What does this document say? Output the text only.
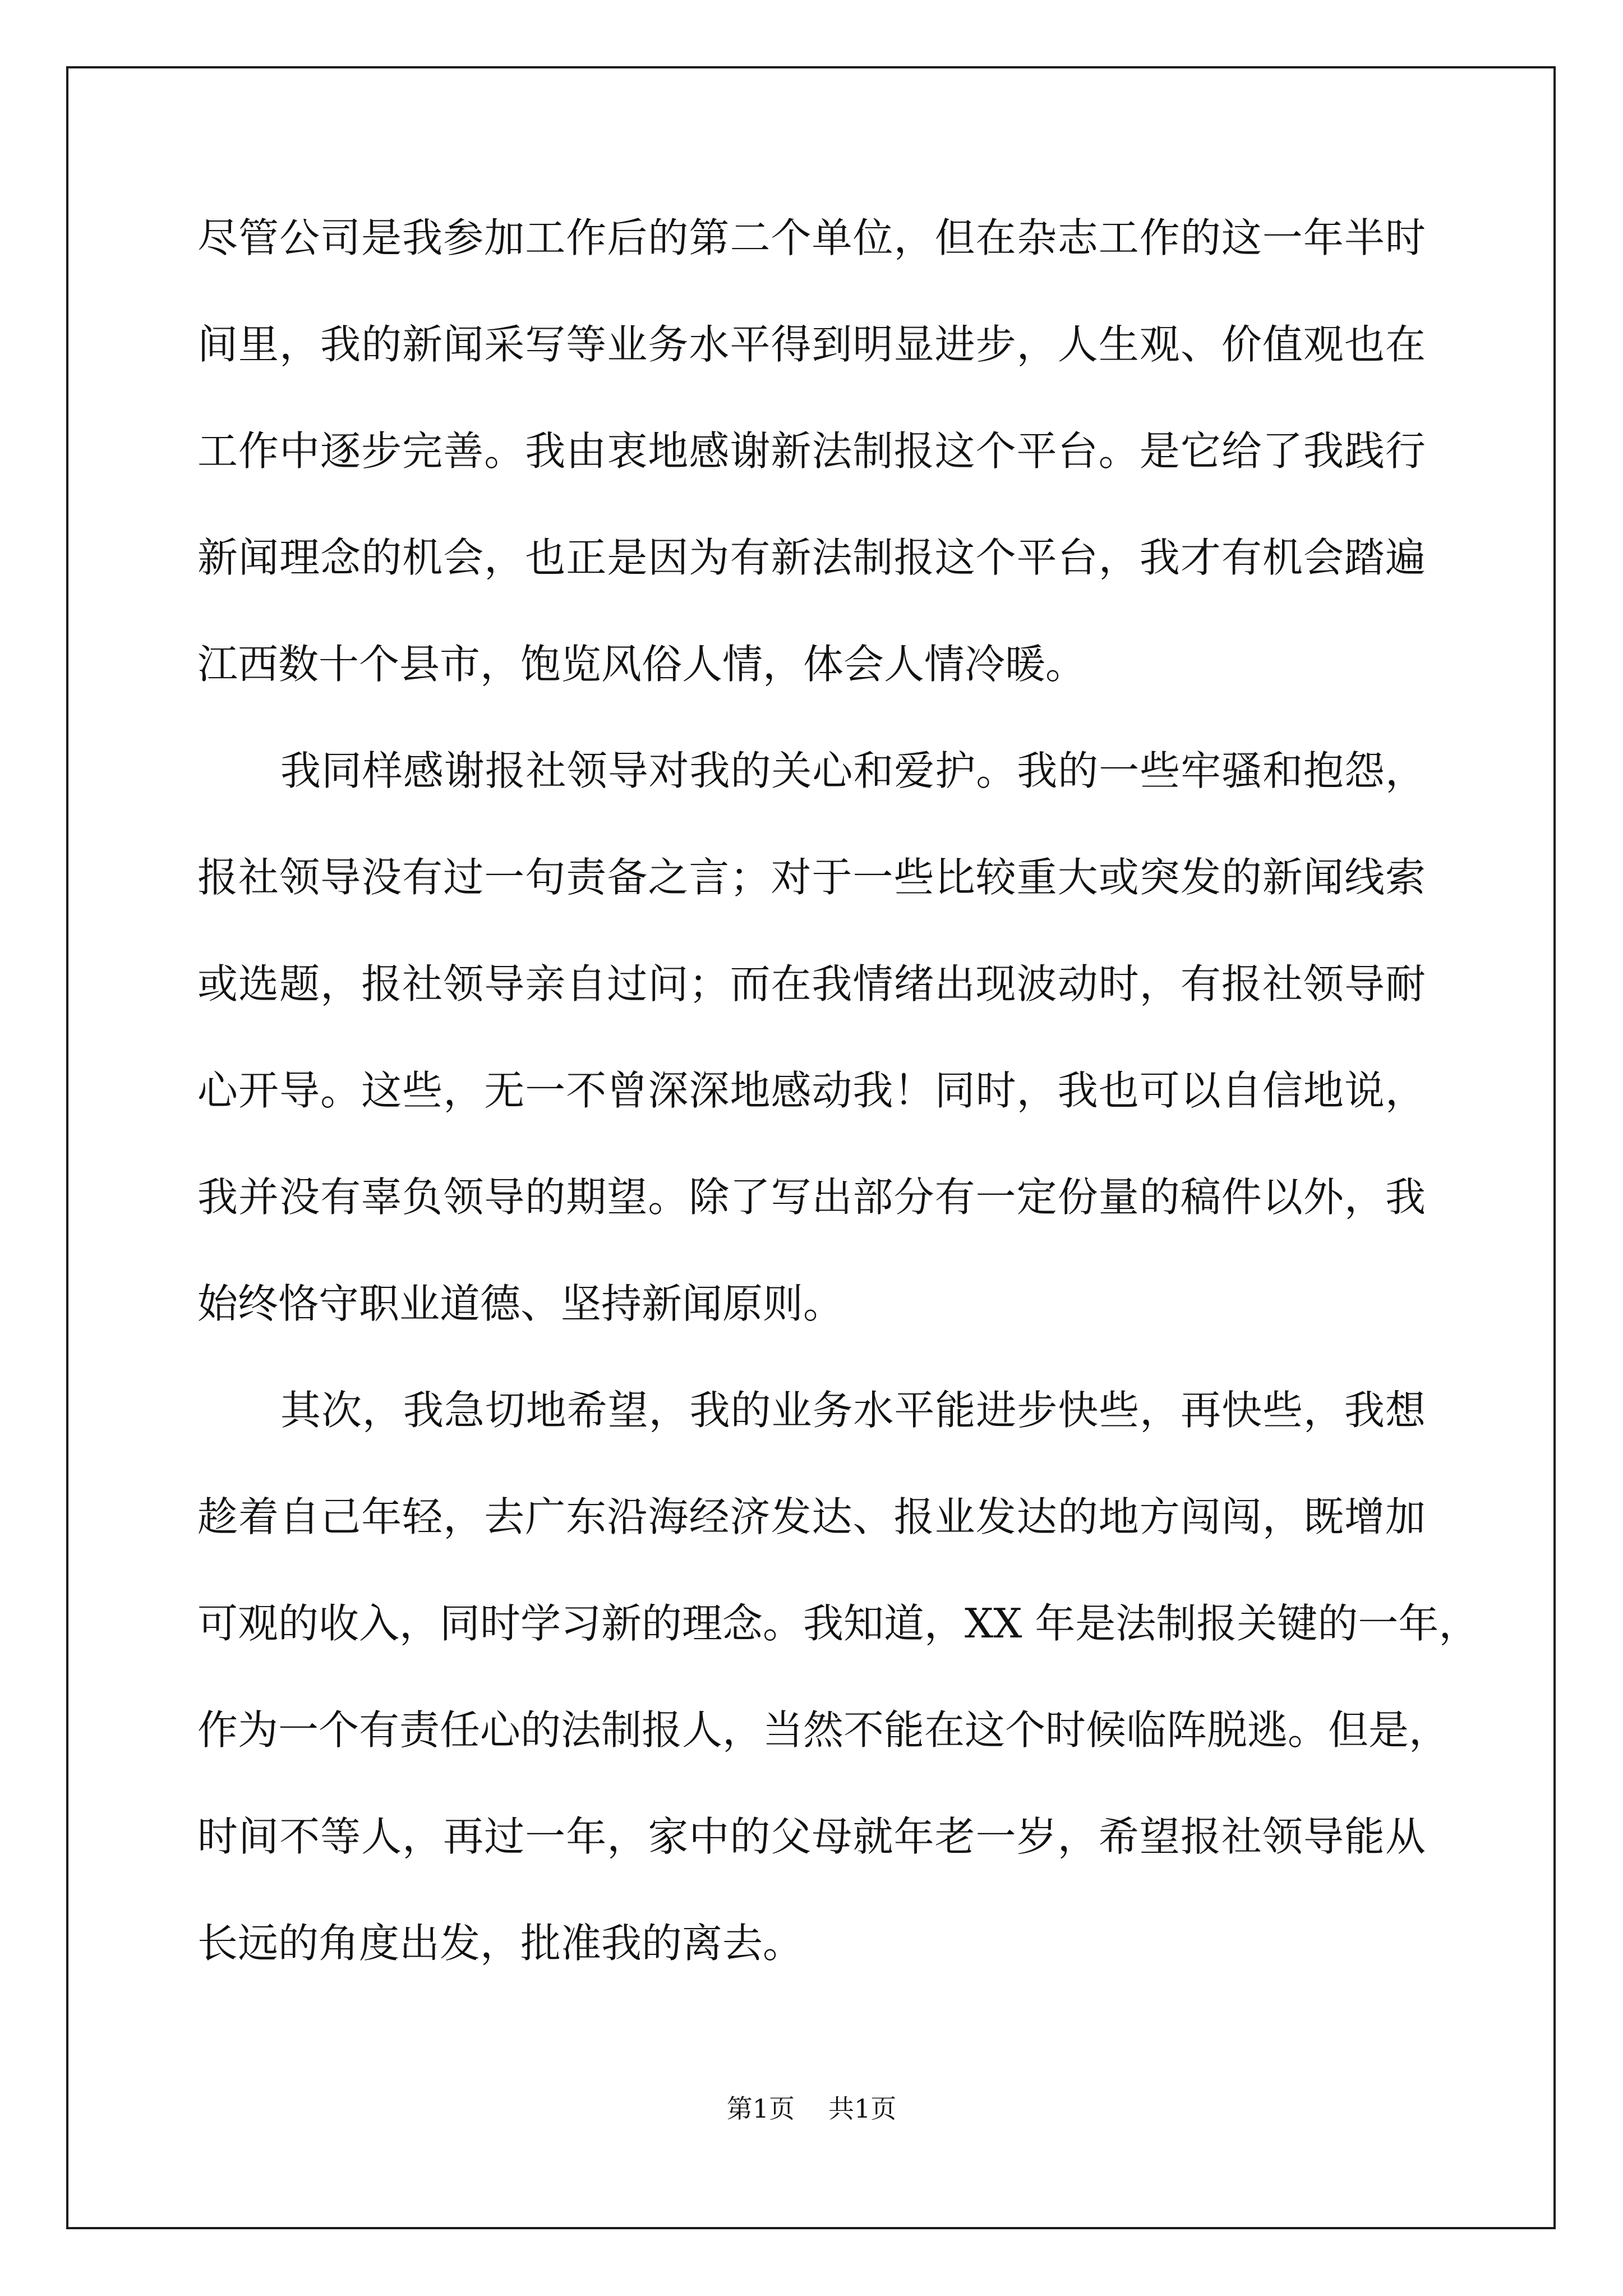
尽管公司是我参加工作后的第二个单位，但在杂志工作的这一年半时
间里，我的新闻采写等业务水平得到明显进步，人生观、价值观也在
工作中逐步完善。我由衷地感谢新法制报这个平台。是它给了我践行
新闻理念的机会，也正是因为有新法制报这个平台，我才有机会踏遍
江西数十个县市，饱览风俗人情，体会人情冷暖。
我同样感谢报社领导对我的关心和爱护。我的一些牢骚和抱怨，
报社领导没有过一句责备之言；对于一些比较重大或突发的新闻线索
或选题，报社领导亲自过问；而在我情绪出现波动时，有报社领导耐
心开导。这些，无一不曾深深地感动我！同时，我也可以自信地说，
我并没有辜负领导的期望。除了写出部分有一定份量的稿件以外，我
始终恪守职业道德、坚持新闻原则。
其次，我急切地希望，我的业务水平能进步快些，再快些，我想
趁着自己年轻，去广东沿海经济发达、报业发达的地方闯闯，既增加
可观的收入，同时学习新的理念。我知道，XX 年是法制报关键的一年，
作为一个有责任心的法制报人，当然不能在这个时候临阵脱逃。但是，
时间不等人，再过一年，家中的父母就年老一岁，希望报社领导能从
长远的角度出发，批准我的离去。
第1页 共1页
